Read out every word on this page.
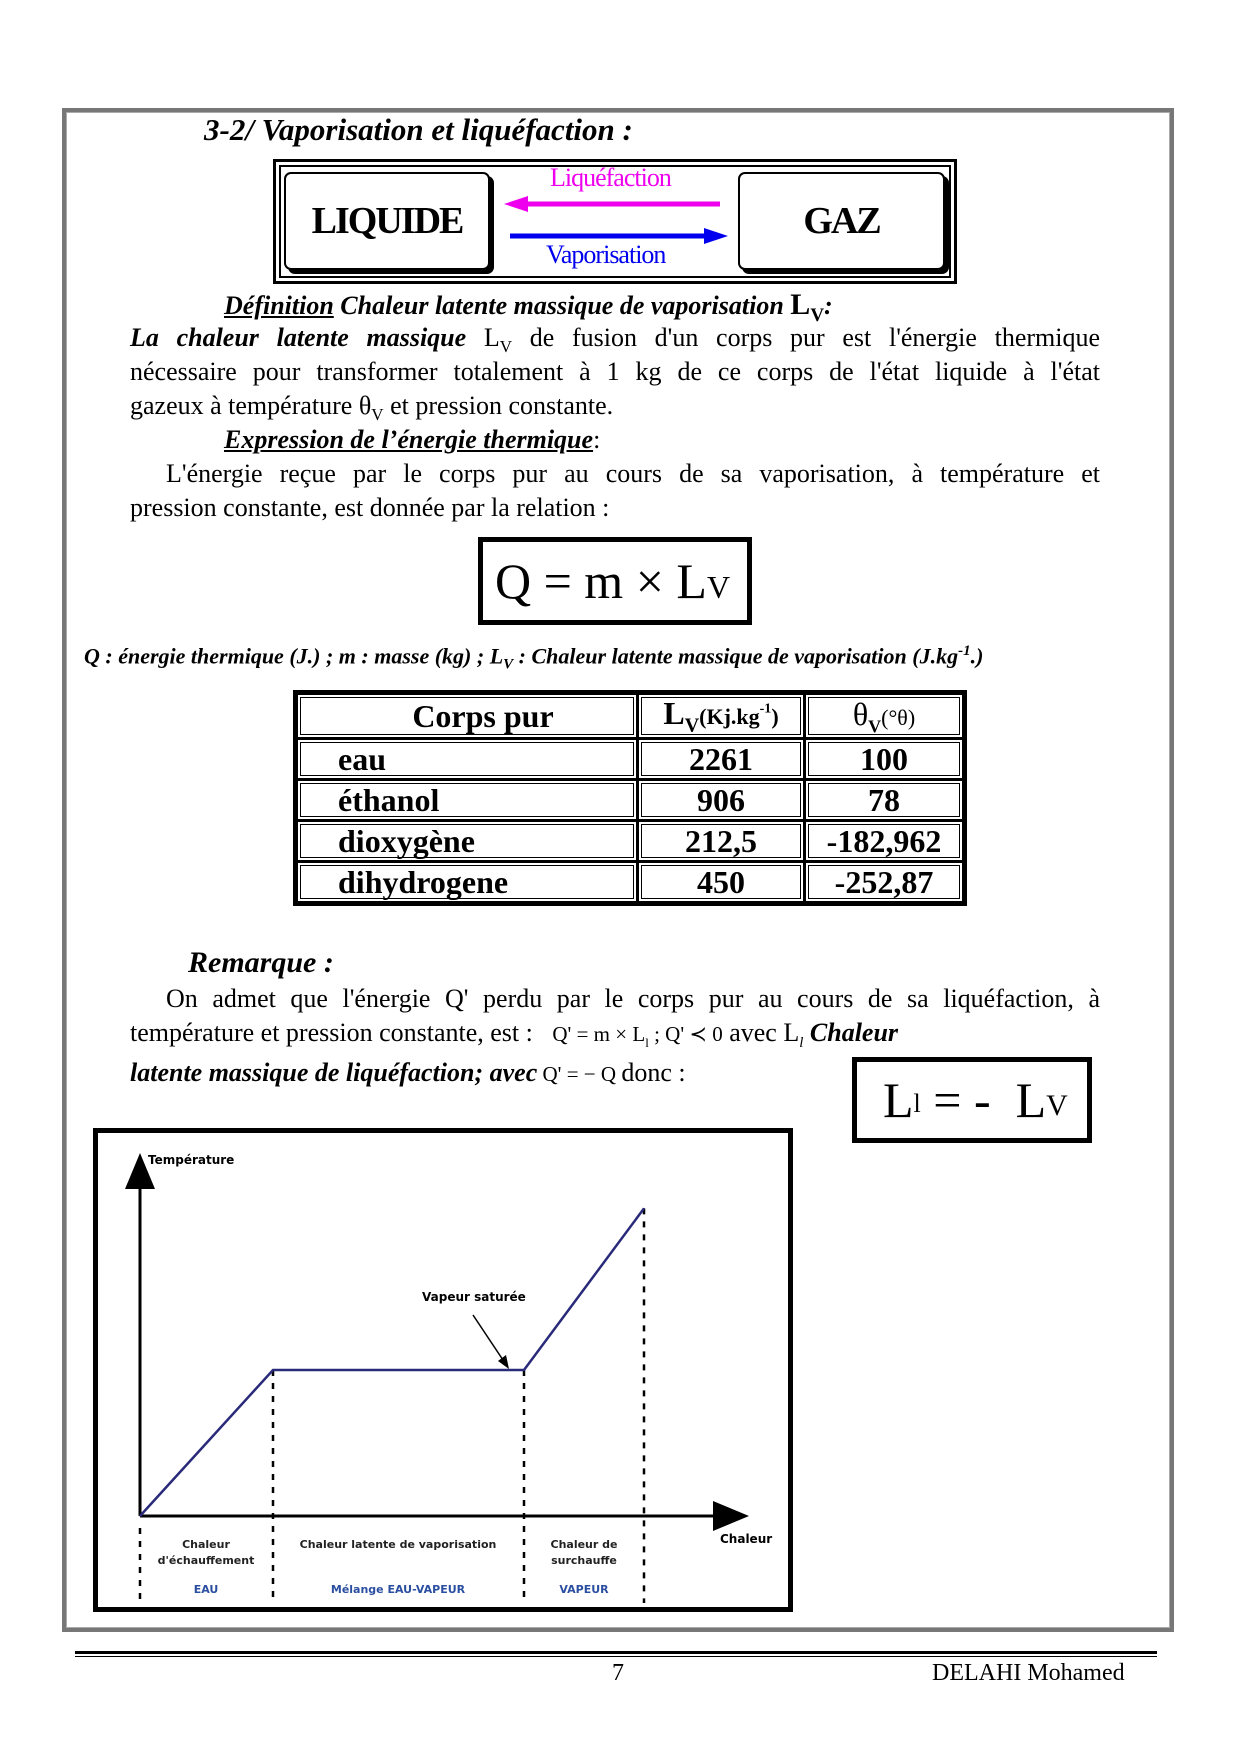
3-2/ Vaporisation et liquéfaction :
LIQUIDE	GAZ
Liquéfaction
Vaporisation
Définition Chaleur latente massique de vaporisation $L_V$:
La chaleur latente massique $L_V$ de fusion d'un corps pur est l'énergie thermique
nécessaire pour transformer totalement à 1 kg de ce corps de l'état liquide à l'état
gazeux à température $\theta_V$ et pression constante.
Expression de l’énergie thermique:
L'énergie reçue par le corps pur au cours de sa vaporisation, à température et
pression constante, est donnée par la relation :
$Q = m \times L_V$
Q : énergie thermique (J.) ; m : masse (kg) ; $L_V$ : Chaleur latente massique de vaporisation $(J.kg^{-1}.)$
Corps pur	$L_V(Kj.kg^{-1})$	$\theta_V(^\circ\theta)$
eau	2261	100
éthanol	906	78
dioxygène	212,5	-182,962
dihydrogene	450	-252,87
Remarque :
On admet que l'énergie Q' perdu par le corps pur au cours de sa liquéfaction, à
température et pression constante, est : $Q' = m \times L_l$ ; Q' ≺ 0 avec $L_l$ Chaleur
latente massique de liquéfaction; avec Q' = − Q donc :	$L_l$ = -  $L_V$
Températur​e
Chaleur
Vapeur saturée
Chaleur
d'échauffement
EAU
Chaleur latente de vaporisation
Mélange EAU-VAPEUR
Chaleur de
surchauffe
VAPEUR
7	DELAHI Mohamed
